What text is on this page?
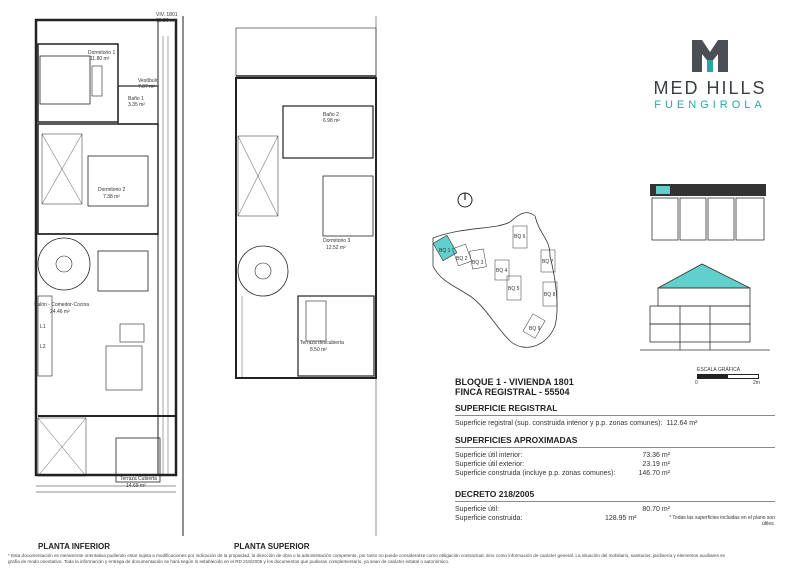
VIV. 1801
73.36 m²
Dormitorio 1
11.80 m²
Vestíbulo
7.07 m²
Baño 1
3.35 m²
Dormitorio 2
7.38 m²
Salón - Comedor-Cocina
24.46 m²
Terraza Cubierta
14.69 m²
L1
L2
PLANTA INFERIOR
Baño 2
6.98 m²
Dormitorio 3
12.52 m²
Terraza descubierta
8.50 m²
PLANTA SUPERIOR
MED HILLS
FUENGIROLA
BQ 1
BQ 2
BQ 3
BQ 4
BQ 5
BQ 6
BQ 7
BQ 8
BQ 9
ESCALA GRÁFICA
0	2m
BLOQUE 1 - VIVIENDA 1801
FINCA REGISTRAL - 55504
SUPERFICIE REGISTRAL
Superficie registral (sup. construida interior y p.p. zonas comunes): 112.64 m²
SUPERFICIES APROXIMADAS
Superficie útil interior:	73.36 m²
Superficie útil exterior:	23.19 m²
Superficie construida (incluye p.p. zonas comunes):	146.70 m²
DECRETO 218/2005
Superficie útil:	80.70 m²
Superficie construida:	128.95 m²	* Todas las superficies incluidas en el plano son útiles.
* Esta documentación es meramente orientativa pudiendo estar sujeta a modificaciones por indicación de la propiedad, la dirección de obra o la administración competente, por tanto no puede considerarse como obligación contractual, sino como información de carácter general. La situación del mobiliario, sanitarios, jardinería y elementos auxiliares se
grafía de modo orientativo. Toda la información y entrega de documentación se hará según lo establecido en el RD 218/2005 y los documentos que pudieran complementario, ya sean de carácter estatal o autonómico.
